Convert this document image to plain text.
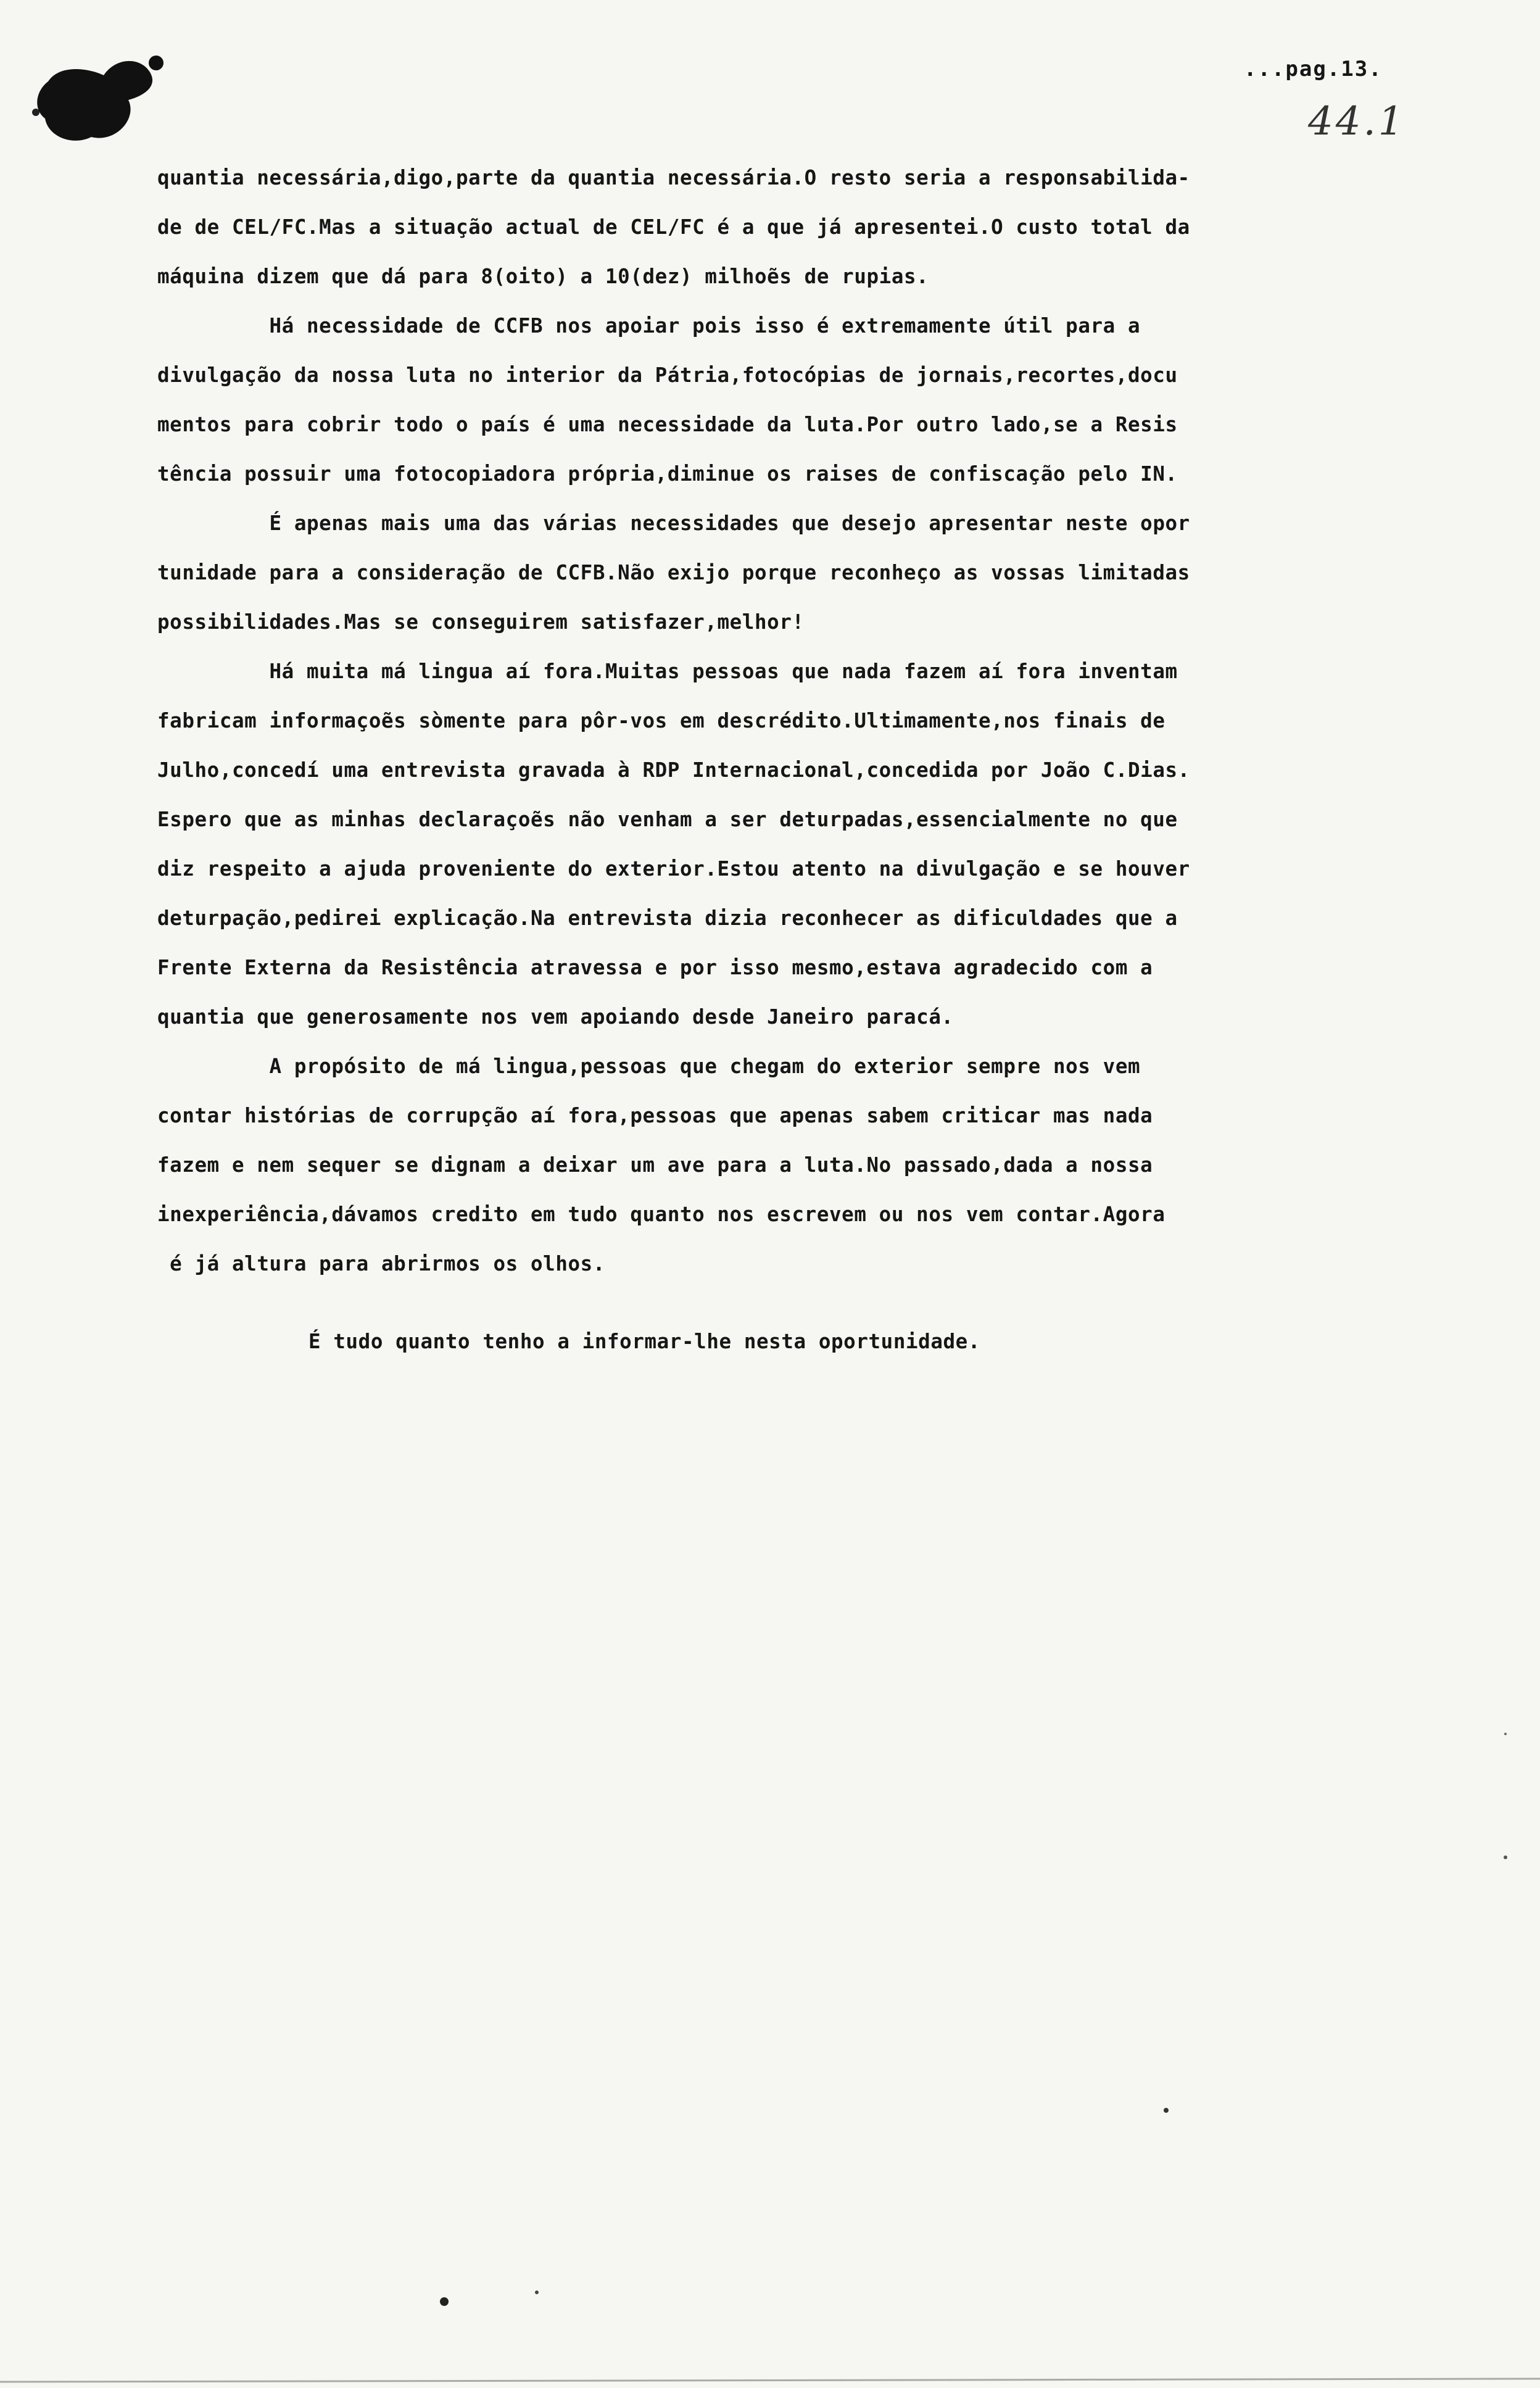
...pag.13.
44.1
quantia necessária,digo,parte da quantia necessária.O resto seria a responsabilida-
de de CEL/FC.Mas a situação actual de CEL/FC é a que já apresentei.O custo total da
máquina dizem que dá para 8(oito) a 10(dez) milhoẽs de rupias.
Há necessidade de CCFB nos apoiar pois isso é extremamente útil para a
divulgação da nossa luta no interior da Pátria,fotocópias de jornais,recortes,docu
mentos para cobrir todo o país é uma necessidade da luta.Por outro lado,se a Resis
tência possuir uma fotocopiadora própria,diminue os raises de confiscação pelo IN.
É apenas mais uma das várias necessidades que desejo apresentar neste opor
tunidade para a consideração de CCFB.Não exijo porque reconheço as vossas limitadas
possibilidades.Mas se conseguirem satisfazer,melhor!
Há muita má lingua aí fora.Muitas pessoas que nada fazem aí fora inventam
fabricam informaçoẽs sòmente para pôr-vos em descrédito.Ultimamente,nos finais de
Julho,concedí uma entrevista gravada à RDP Internacional,concedida por João C.Dias.
Espero que as minhas declaraçoẽs não venham a ser deturpadas,essencialmente no que
diz respeito a ajuda proveniente do exterior.Estou atento na divulgação e se houver
deturpação,pedirei explicação.Na entrevista dizia reconhecer as dificuldades que a
Frente Externa da Resistência atravessa e por isso mesmo,estava agradecido com a
quantia que generosamente nos vem apoiando desde Janeiro paracá.
A propósito de má lingua,pessoas que chegam do exterior sempre nos vem
contar histórias de corrupção aí fora,pessoas que apenas sabem criticar mas nada
fazem e nem sequer se dignam a deixar um ave para a luta.No passado,dada a nossa
inexperiência,dávamos credito em tudo quanto nos escrevem ou nos vem contar.Agora
é já altura para abrirmos os olhos.
É tudo quanto tenho a informar-lhe nesta oportunidade.
